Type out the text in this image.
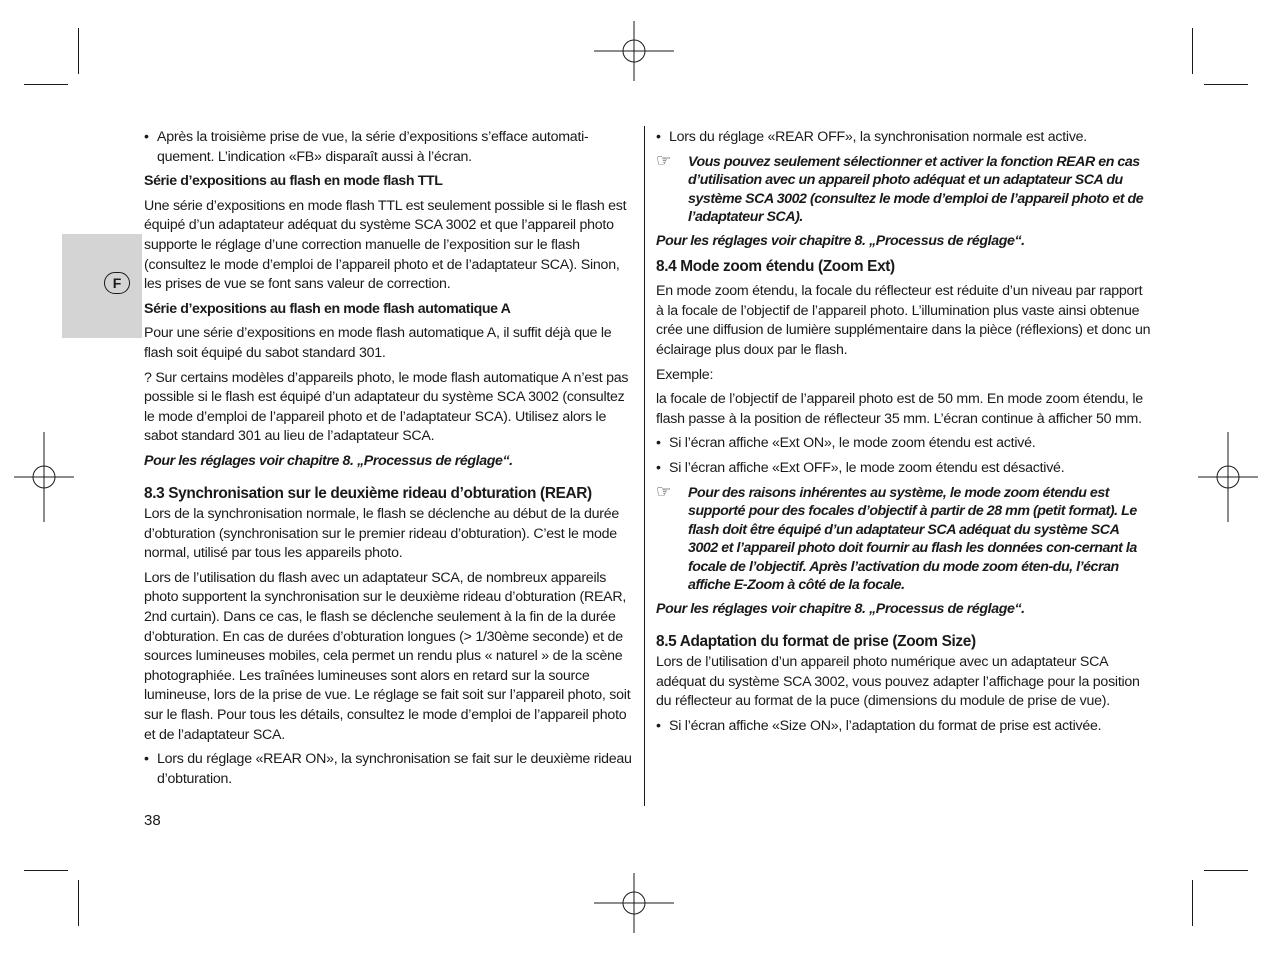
F

• Après la troisième prise de vue, la série d’expositions s’efface automati-quement. L’indication «FB» disparaît aussi à l’écran.

Série d’expositions au flash en mode flash TTL

Une série d’expositions en mode flash TTL est seulement possible si le flash est équipé d’un adaptateur adéquat du système SCA 3002 et que l’appareil photo supporte le réglage d’une correction manuelle de l’exposition sur le flash (consultez le mode d’emploi de l’appareil photo et de l’adaptateur SCA). Sinon, les prises de vue se font sans valeur de correction.

Série d’expositions au flash en mode flash automatique A

Pour une série d’expositions en mode flash automatique A, il suffit déjà que le flash soit équipé du sabot standard 301.

? Sur certains modèles d’appareils photo, le mode flash automatique A n’est pas possible si le flash est équipé d’un adaptateur du système SCA 3002 (consultez le mode d’emploi de l’appareil photo et de l’adaptateur SCA). Utilisez alors le sabot standard 301 au lieu de l’adaptateur SCA.

Pour les réglages voir chapitre 8. „Processus de réglage“.

8.3 Synchronisation sur le deuxième rideau d’obturation (REAR)

Lors de la synchronisation normale, le flash se déclenche au début de la durée d’obturation (synchronisation sur le premier rideau d’obturation). C’est le mode normal, utilisé par tous les appareils photo.

Lors de l’utilisation du flash avec un adaptateur SCA, de nombreux appareils photo supportent la synchronisation sur le deuxième rideau d’obturation (REAR, 2nd curtain). Dans ce cas, le flash se déclenche seulement à la fin de la durée d’obturation. En cas de durées d’obturation longues (> 1/30ème seconde) et de sources lumineuses mobiles, cela permet un rendu plus « naturel » de la scène photographiée. Les traînées lumineuses sont alors en retard sur la source lumineuse, lors de la prise de vue. Le réglage se fait soit sur l’appareil photo, soit sur le flash. Pour tous les détails, consultez le mode d’emploi de l’appareil photo et de l’adaptateur SCA.

• Lors du réglage «REAR ON», la synchronisation se fait sur le deuxième rideau d’obturation.

• Lors du réglage «REAR OFF», la synchronisation normale est active.

☞ Vous pouvez seulement sélectionner et activer la fonction REAR en cas d’utilisation avec un appareil photo adéquat et un adaptateur SCA du système SCA 3002 (consultez le mode d’emploi de l’appareil photo et de l’adaptateur SCA).

Pour les réglages voir chapitre 8. „Processus de réglage“.

8.4 Mode zoom étendu (Zoom Ext)

En mode zoom étendu, la focale du réflecteur est réduite d’un niveau par rapport à la focale de l’objectif de l’appareil photo. L’illumination plus vaste ainsi obtenue crée une diffusion de lumière supplémentaire dans la pièce (réflexions) et donc un éclairage plus doux par le flash.

Exemple:

la focale de l’objectif de l’appareil photo est de 50 mm. En mode zoom étendu, le flash passe à la position de réflecteur 35 mm. L’écran continue à afficher 50 mm.

• Si l’écran affiche «Ext ON», le mode zoom étendu est activé.

• Si l’écran affiche «Ext OFF», le mode zoom étendu est désactivé.

☞ Pour des raisons inhérentes au système, le mode zoom étendu est supporté pour des focales d’objectif à partir de 28 mm (petit format). Le flash doit être équipé d’un adaptateur SCA adéquat du système SCA 3002 et l’appareil photo doit fournir au flash les données con-cernant la focale de l’objectif. Après l’activation du mode zoom éten-du, l’écran affiche E-Zoom à côté de la focale.

Pour les réglages voir chapitre 8. „Processus de réglage“.

8.5 Adaptation du format de prise (Zoom Size)

Lors de l’utilisation d’un appareil photo numérique avec un adaptateur SCA adéquat du système SCA 3002, vous pouvez adapter l’affichage pour la position du réflecteur au format de la puce (dimensions du module de prise de vue).

• Si l’écran affiche «Size ON», l’adaptation du format de prise est activée.

38
